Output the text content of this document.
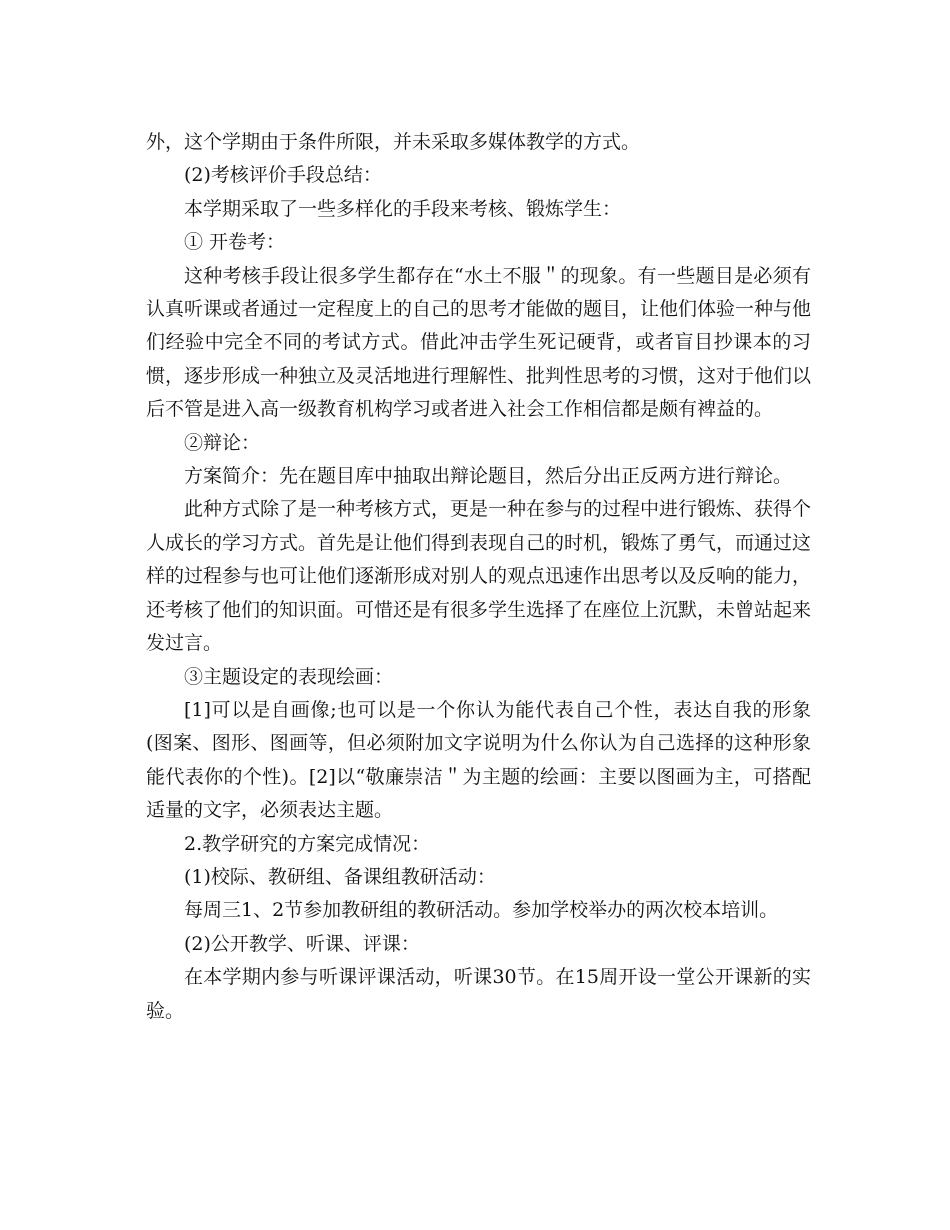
外，这个学期由于条件所限，并未采取多媒体教学的方式。

(2)考核评价手段总结：

本学期采取了一些多样化的手段来考核、锻炼学生：

① 开卷考：

这种考核手段让很多学生都存在“水土不服＂的现象。有一些题目是必须有认真听课或者通过一定程度上的自己的思考才能做的题目，让他们体验一种与他们经验中完全不同的考试方式。借此冲击学生死记硬背，或者盲目抄课本的习惯，逐步形成一种独立及灵活地进行理解性、批判性思考的习惯，这对于他们以后不管是进入高一级教育机构学习或者进入社会工作相信都是颇有裨益的。

②辩论：

方案简介：先在题目库中抽取出辩论题目，然后分出正反两方进行辩论。

此种方式除了是一种考核方式，更是一种在参与的过程中进行锻炼、获得个人成长的学习方式。首先是让他们得到表现自己的时机，锻炼了勇气，而通过这样的过程参与也可让他们逐渐形成对别人的观点迅速作出思考以及反响的能力，还考核了他们的知识面。可惜还是有很多学生选择了在座位上沉默，未曾站起来发过言。

③主题设定的表现绘画：

[1]可以是自画像;也可以是一个你认为能代表自己个性，表达自我的形象(图案、图形、图画等，但必须附加文字说明为什么你认为自己选择的这种形象能代表你的个性)。[2]以“敬廉崇洁＂为主题的绘画：主要以图画为主，可搭配适量的文字，必须表达主题。

2.教学研究的方案完成情况：

(1)校际、教研组、备课组教研活动：

每周三1、2节参加教研组的教研活动。参加学校举办的两次校本培训。

(2)公开教学、听课、评课：

在本学期内参与听课评课活动，听课30节。在15周开设一堂公开课新的实验。
